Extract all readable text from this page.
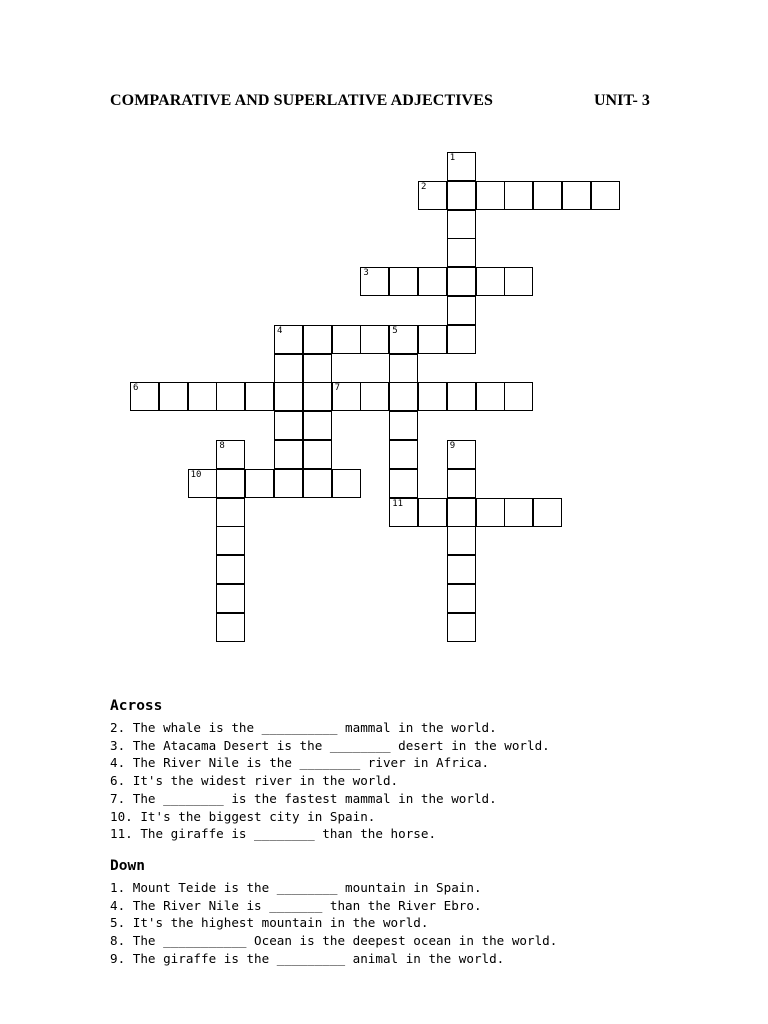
COMPARATIVE AND SUPERLATIVE ADJECTIVES	UNIT- 3
2
3
4	5
6	7
10
11
1
8	9
Across
2. The whale is the __________ mammal in the world.
3. The Atacama Desert is the ________ desert in the world.
4. The River Nile is the ________ river in Africa.
6. It's the widest river in the world.
7. The ________ is the fastest mammal in the world.
10. It's the biggest city in Spain.
11. The giraffe is ________ than the horse.
Down
1. Mount Teide is the ________ mountain in Spain.
4. The River Nile is _______ than the River Ebro.
5. It's the highest mountain in the world.
8. The ___________ Ocean is the deepest ocean in the world.
9. The giraffe is the _________ animal in the world.
